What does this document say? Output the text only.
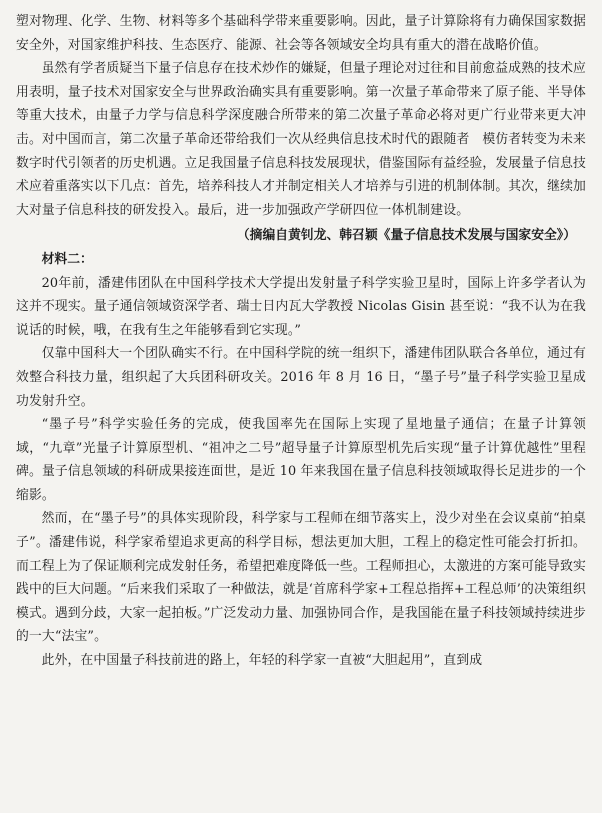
塑对物理、化学、生物、材料等多个基础科学带来重要影响。因此，量子计算除将有力确保国家数据安全外，对国家维护科技、生态医疗、能源、社会等各领域安全均具有重大的潜在战略价值。

虽然有学者质疑当下量子信息存在技术炒作的嫌疑，但量子理论对过往和目前愈益成熟的技术应用表明，量子技术对国家安全与世界政治确实具有重要影响。第一次量子革命带来了原子能、半导体等重大技术，由量子力学与信息科学深度融合所带来的第二次量子革命必将对更广行业带来更大冲击。对中国而言，第二次量子革命还带给我们一次从经典信息技术时代的跟随者　模仿者转变为未来数字时代引领者的历史机遇。立足我国量子信息科技发展现状，借鉴国际有益经验，发展量子信息技术应着重落实以下几点：首先，培养科技人才并制定相关人才培养与引进的机制体制。其次，继续加大对量子信息科技的研发投入。最后，进一步加强政产学研四位一体机制建设。

（摘编自黄钊龙、韩召颖《量子信息技术发展与国家安全》）

材料二：

20年前，潘建伟团队在中国科学技术大学提出发射量子科学实验卫星时，国际上许多学者认为这并不现实。量子通信领域资深学者、瑞士日内瓦大学教授 Nicolas Gisin 甚至说：“我不认为在我说话的时候，哦，在我有生之年能够看到它实现。”

仅靠中国科大一个团队确实不行。在中国科学院的统一组织下，潘建伟团队联合各单位，通过有效整合科技力量，组织起了大兵团科研攻关。2016 年 8 月 16 日，“墨子号”量子科学实验卫星成功发射升空。

“墨子号”科学实验任务的完成，使我国率先在国际上实现了星地量子通信；在量子计算领域，“九章”光量子计算原型机、“祖冲之二号”超导量子计算原型机先后实现“量子计算优越性”里程碑。量子信息领域的科研成果接连面世，是近 10 年来我国在量子信息科技领域取得长足进步的一个缩影。

然而，在“墨子号”的具体实现阶段，科学家与工程师在细节落实上，没少对坐在会议桌前“拍桌子”。潘建伟说，科学家希望追求更高的科学目标，想法更加大胆，工程上的稳定性可能会打折扣。而工程上为了保证顺利完成发射任务，希望把难度降低一些。工程师担心，太激进的方案可能导致实践中的巨大问题。“后来我们采取了一种做法，就是‘首席科学家+工程总指挥+工程总师’的决策组织模式。遇到分歧，大家一起拍板。”广泛发动力量、加强协同合作，是我国能在量子科技领域持续进步的一大“法宝”。

此外，在中国量子科技前进的路上，年轻的科学家一直被“大胆起用”，直到成
